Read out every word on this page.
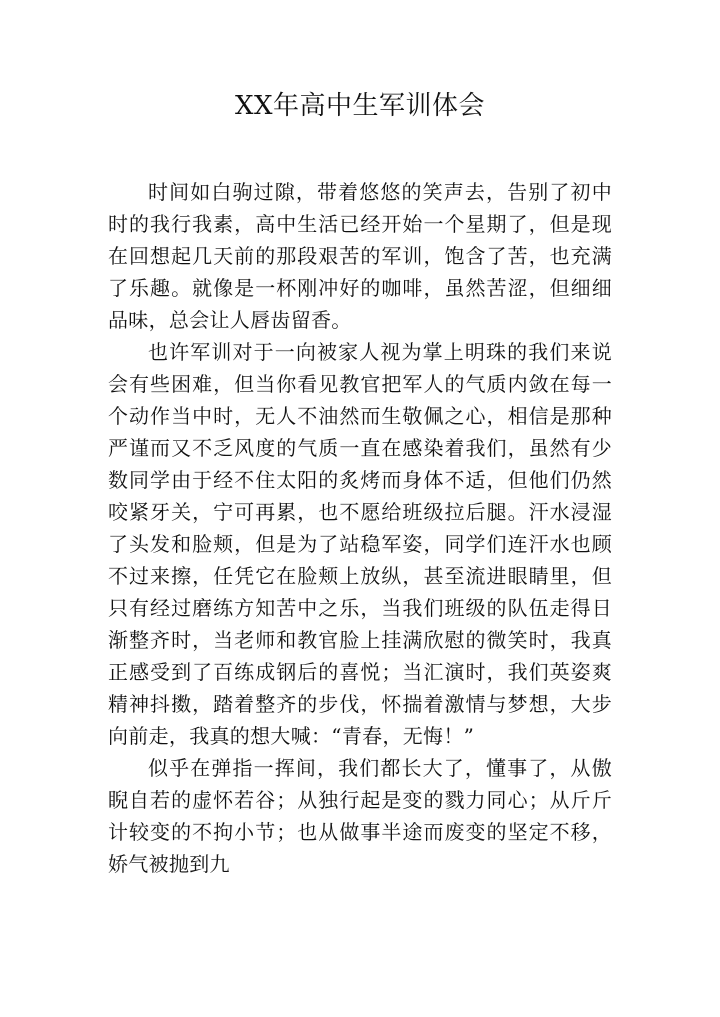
XX年高中生军训体会

时间如白驹过隙，带着悠悠的笑声去，告别了初中时的我行我素，高中生活已经开始一个星期了，但是现在回想起几天前的那段艰苦的军训，饱含了苦，也充满了乐趣。就像是一杯刚冲好的咖啡，虽然苦涩，但细细品味，总会让人唇齿留香。

也许军训对于一向被家人视为掌上明珠的我们来说会有些困难，但当你看见教官把军人的气质内敛在每一个动作当中时，无人不油然而生敬佩之心，相信是那种严谨而又不乏风度的气质一直在感染着我们，虽然有少数同学由于经不住太阳的炙烤而身体不适，但他们仍然咬紧牙关，宁可再累，也不愿给班级拉后腿。汗水浸湿了头发和脸颊，但是为了站稳军姿，同学们连汗水也顾不过来擦，任凭它在脸颊上放纵，甚至流进眼睛里，但只有经过磨练方知苦中之乐，当我们班级的队伍走得日渐整齐时，当老师和教官脸上挂满欣慰的微笑时，我真正感受到了百练成钢后的喜悦；当汇演时，我们英姿爽精神抖擞，踏着整齐的步伐，怀揣着激情与梦想，大步向前走，我真的想大喊：“青春，无悔！”

似乎在弹指一挥间，我们都长大了，懂事了，从傲睨自若的虚怀若谷；从独行起是变的戮力同心；从斤斤计较变的不拘小节；也从做事半途而废变的坚定不移，娇气被抛到九
